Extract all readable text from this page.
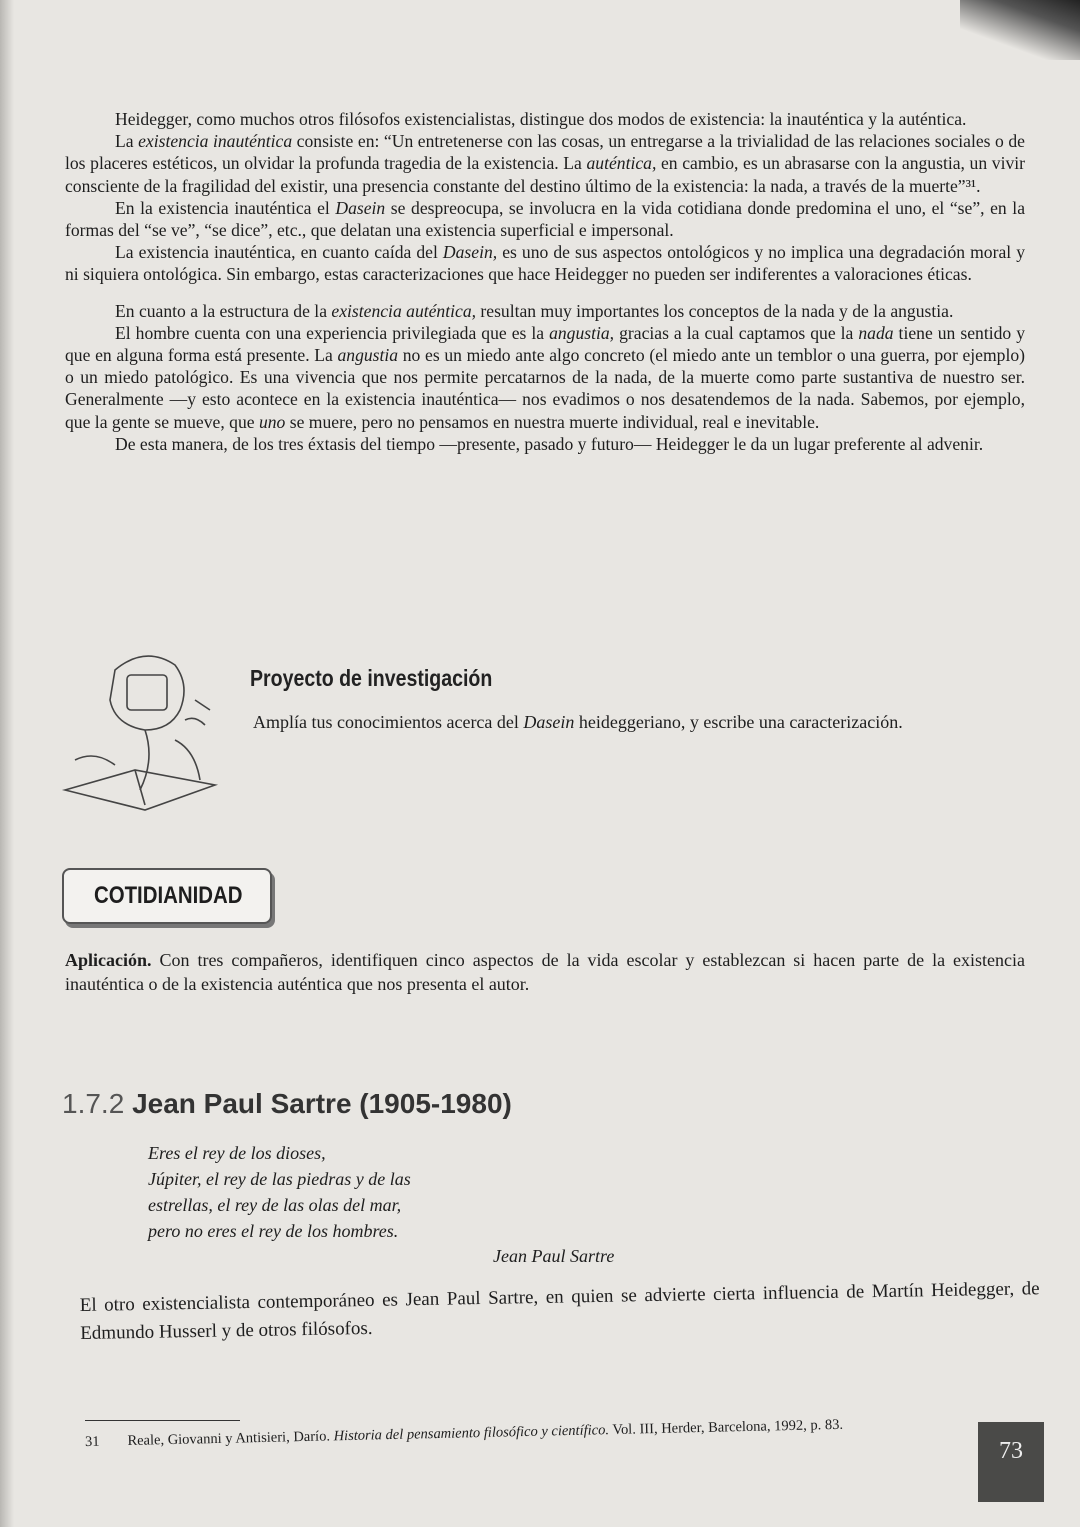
Heidegger, como muchos otros filósofos existencialistas, distingue dos modos de existencia: la inauténtica y la auténtica.

La existencia inauténtica consiste en: “Un entretenerse con las cosas, un entregarse a la trivialidad de las relaciones sociales o de los placeres estéticos, un olvidar la profunda tragedia de la existencia. La auténtica, en cambio, es un abrasarse con la angustia, un vivir consciente de la fragilidad del existir, una presencia constante del destino último de la existencia: la nada, a través de la muerte”³¹.

En la existencia inauténtica el Dasein se despreocupa, se involucra en la vida cotidiana donde predomina el uno, el “se”, en la formas del “se ve”, “se dice”, etc., que delatan una existencia superficial e impersonal.

La existencia inauténtica, en cuanto caída del Dasein, es uno de sus aspectos ontológicos y no implica una degradación moral y ni siquiera ontológica. Sin embargo, estas caracterizaciones que hace Heidegger no pueden ser indiferentes a valoraciones éticas.

En cuanto a la estructura de la existencia auténtica, resultan muy importantes los conceptos de la nada y de la angustia.

El hombre cuenta con una experiencia privilegiada que es la angustia, gracias a la cual captamos que la nada tiene un sentido y que en alguna forma está presente. La angustia no es un miedo ante algo concreto (el miedo ante un temblor o una guerra, por ejemplo) o un miedo patológico. Es una vivencia que nos permite percatarnos de la nada, de la muerte como parte sustantiva de nuestro ser. Generalmente —y esto acontece en la existencia inauténtica— nos evadimos o nos desatendemos de la nada. Sabemos, por ejemplo, que la gente se mueve, que uno se muere, pero no pensamos en nuestra muerte individual, real e inevitable.

De esta manera, de los tres éxtasis del tiempo —presente, pasado y futuro— Heidegger le da un lugar preferente al advenir.

Proyecto de investigación
Amplía tus conocimientos acerca del Dasein heideggeriano, y escribe una caracterización.
COTIDIANIDAD
Aplicación. Con tres compañeros, identifiquen cinco aspectos de la vida escolar y establezcan si hacen parte de la existencia inauténtica o de la existencia auténtica que nos presenta el autor.
1.7.2 Jean Paul Sartre (1905-1980)
Eres el rey de los dioses,
Júpiter, el rey de las piedras y de las
estrellas, el rey de las olas del mar,
pero no eres el rey de los hombres.
Jean Paul Sartre
El otro existencialista contemporáneo es Jean Paul Sartre, en quien se advierte cierta influencia de Martín Heidegger, de Edmundo Husserl y de otros filósofos.
31 Reale, Giovanni y Antisieri, Darío. Historia del pensamiento filosófico y científico. Vol. III, Herder, Barcelona, 1992, p. 83.
73
